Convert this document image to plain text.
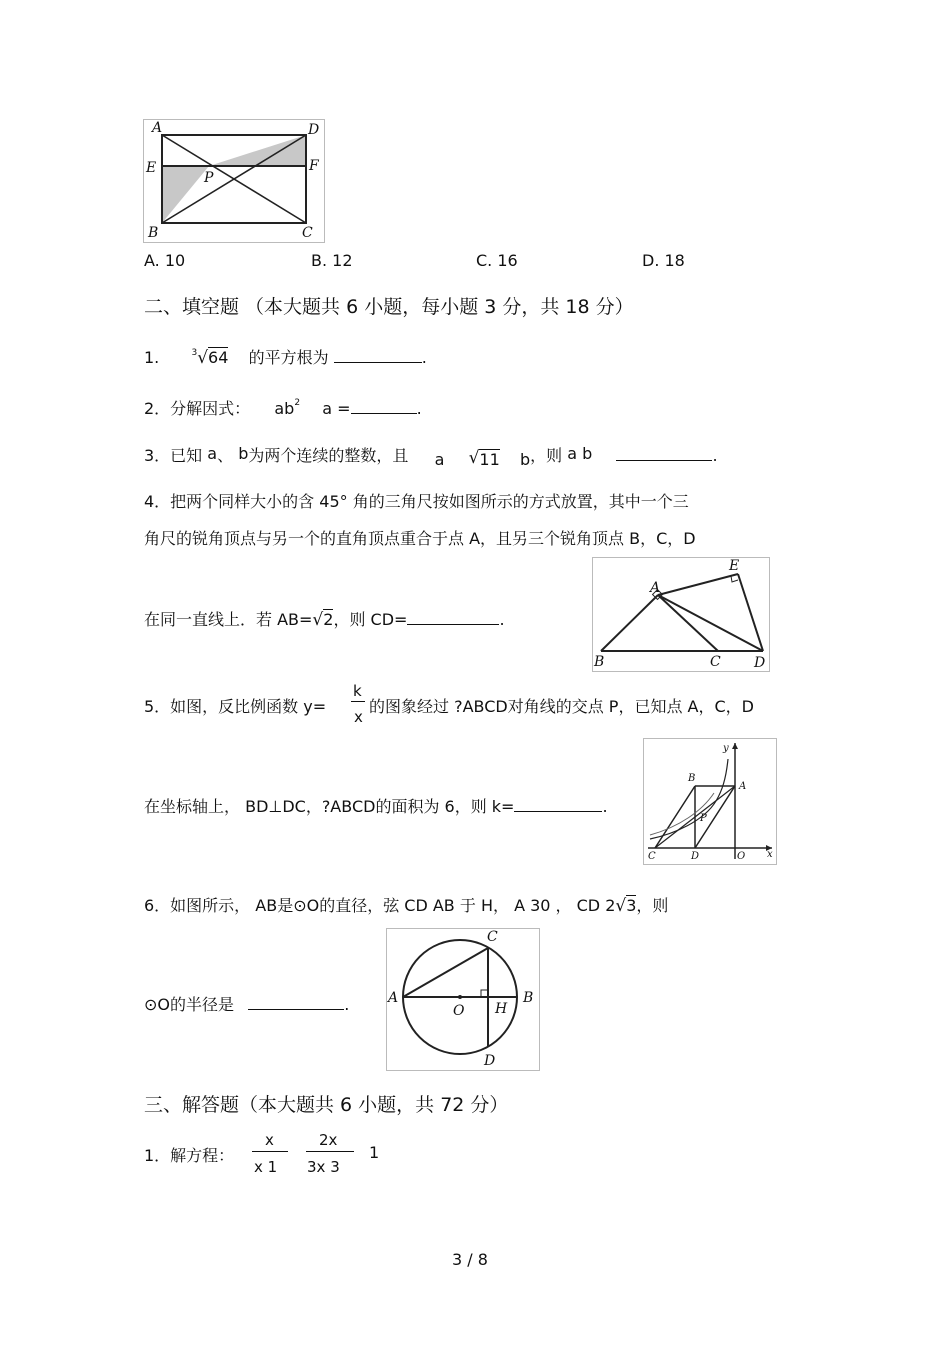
A	D
E	F
P
B	C
A. 10	B. 12	C. 16	D. 18
二、填空题 （本大题共 6 小题，每小题 3 分，共 18 分）
1.	$^3$√64 的平方根为	.
2．分解因式： $ab^2$ a =	.
3．已知 a、 b为两个连续的整数，且 a √11 b，则 a b	.
4．把两个同样大小的含 45° 角的三角尺按如图所示的方式放置，其中一个三
角尺的锐角顶点与另一个的直角顶点重合于点 A，且另三个锐角顶点 B，C，D
在同一直线上．若 AB=√2，则 CD=	.
E
A
B	C D
5．如图，反比例函数 y=
k
x
的图象经过 ?ABCD对角线的交点 P，已知点 A，C，D
在坐标轴上， BD⊥DC，?ABCD的面积为 6，则 k=	.
y
B
A
P
C	D	O x
6．如图所示， AB是⊙O的直径，弦 CD AB 于 H， A 30 ， CD 2√3，则
⊙O的半径是	.
C
A
O H
B
D
三、解答题（本大题共 6 小题，共 72 分）
1．解方程：
x
x 1
2x
3x 3
1
3 / 8
